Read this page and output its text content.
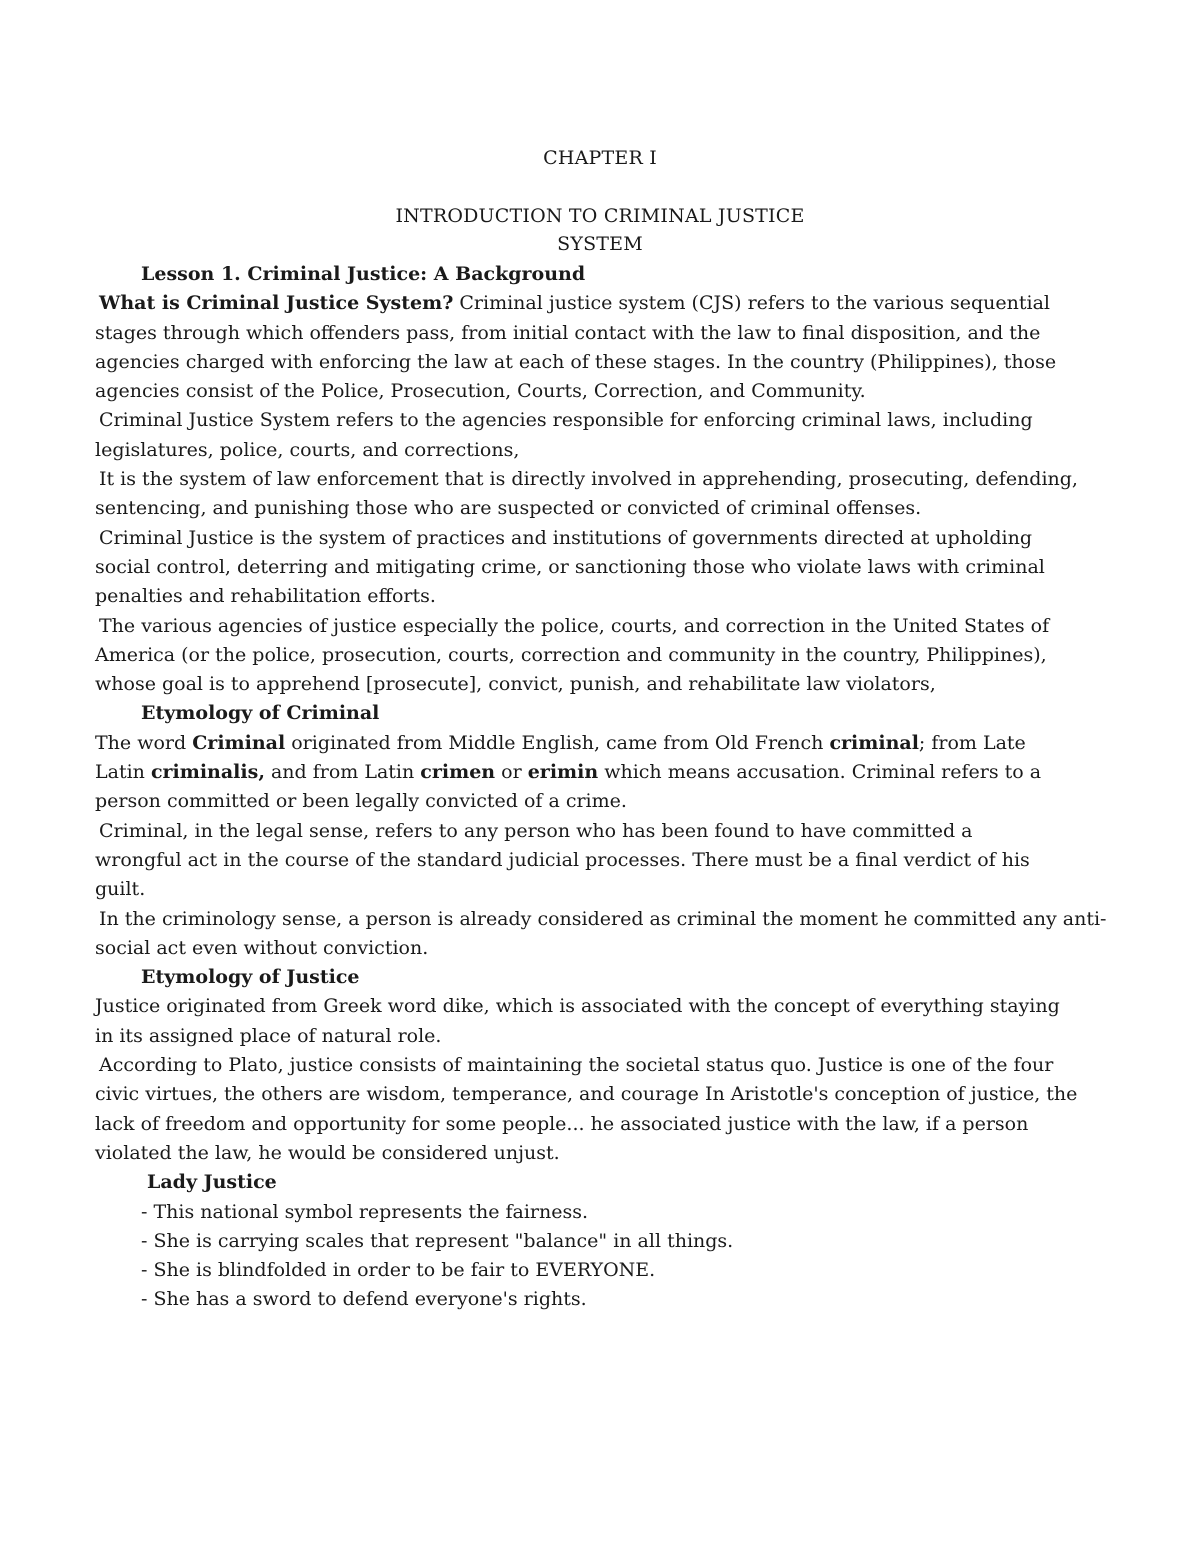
CHAPTER I
INTRODUCTION TO CRIMINAL JUSTICE
SYSTEM
Lesson 1. Criminal Justice: A Background
What is Criminal Justice System? Criminal justice system (CJS) refers to the various sequential
stages through which offenders pass, from initial contact with the law to final disposition, and the
agencies charged with enforcing the law at each of these stages. In the country (Philippines), those
agencies consist of the Police, Prosecution, Courts, Correction, and Community.
Criminal Justice System refers to the agencies responsible for enforcing criminal laws, including
legislatures, police, courts, and corrections,
It is the system of law enforcement that is directly involved in apprehending, prosecuting, defending,
sentencing, and punishing those who are suspected or convicted of criminal offenses.
Criminal Justice is the system of practices and institutions of governments directed at upholding
social control, deterring and mitigating crime, or sanctioning those who violate laws with criminal
penalties and rehabilitation efforts.
The various agencies of justice especially the police, courts, and correction in the United States of
America (or the police, prosecution, courts, correction and community in the country, Philippines),
whose goal is to apprehend [prosecute], convict, punish, and rehabilitate law violators,
Etymology of Criminal
The word Criminal originated from Middle English, came from Old French criminal; from Late
Latin criminalis, and from Latin crimen or erimin which means accusation. Criminal refers to a
person committed or been legally convicted of a crime.
Criminal, in the legal sense, refers to any person who has been found to have committed a
wrongful act in the course of the standard judicial processes. There must be a final verdict of his
guilt.
In the criminology sense, a person is already considered as criminal the moment he committed any anti-
social act even without conviction.
Etymology of Justice
Justice originated from Greek word dike, which is associated with the concept of everything staying
in its assigned place of natural role.
According to Plato, justice consists of maintaining the societal status quo. Justice is one of the four
civic virtues, the others are wisdom, temperance, and courage In Aristotle's conception of justice, the
lack of freedom and opportunity for some people... he associated justice with the law, if a person
violated the law, he would be considered unjust.
Lady Justice
- This national symbol represents the fairness.
- She is carrying scales that represent "balance" in all things.
- She is blindfolded in order to be fair to EVERYONE.
- She has a sword to defend everyone's rights.
